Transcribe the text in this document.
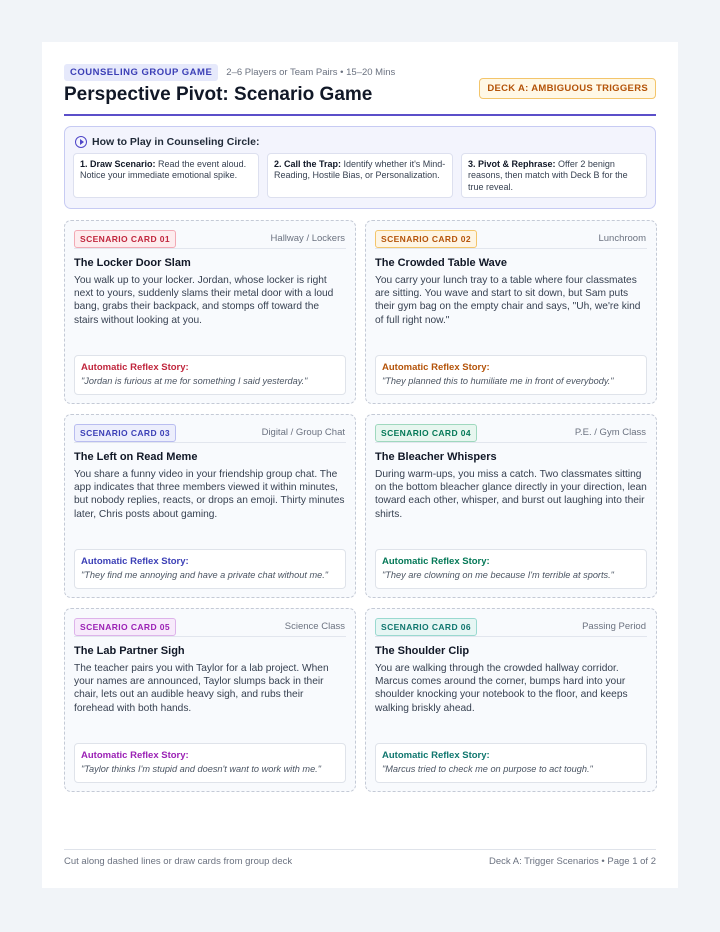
COUNSELING GROUP GAME	2–6 Players or Team Pairs • 15–20 Mins
DECK A: AMBIGUOUS TRIGGERS
Perspective Pivot: Scenario Game
How to Play in Counseling Circle:
1. Draw Scenario: Read the event aloud. Notice your immediate emotional spike.
2. Call the Trap: Identify whether it's Mind-Reading, Hostile Bias, or Personalization.
3. Pivot & Rephrase: Offer 2 benign reasons, then match with Deck B for the true reveal.
SCENARIO CARD 01	Hallway / Lockers
The Locker Door Slam
You walk up to your locker. Jordan, whose locker is right next to yours, suddenly slams their metal door with a loud bang, grabs their backpack, and stomps off toward the stairs without looking at you.
Automatic Reflex Story:
"Jordan is furious at me for something I said yesterday."
SCENARIO CARD 02	Lunchroom
The Crowded Table Wave
You carry your lunch tray to a table where four classmates are sitting. You wave and start to sit down, but Sam puts their gym bag on the empty chair and says, "Uh, we're kind of full right now."
Automatic Reflex Story:
"They planned this to humiliate me in front of everybody."
SCENARIO CARD 03	Digital / Group Chat
The Left on Read Meme
You share a funny video in your friendship group chat. The app indicates that three members viewed it within minutes, but nobody replies, reacts, or drops an emoji. Thirty minutes later, Chris posts about gaming.
Automatic Reflex Story:
"They find me annoying and have a private chat without me."
SCENARIO CARD 04	P.E. / Gym Class
The Bleacher Whispers
During warm-ups, you miss a catch. Two classmates sitting on the bottom bleacher glance directly in your direction, lean toward each other, whisper, and burst out laughing into their shirts.
Automatic Reflex Story:
"They are clowning on me because I'm terrible at sports."
SCENARIO CARD 05	Science Class
The Lab Partner Sigh
The teacher pairs you with Taylor for a lab project. When your names are announced, Taylor slumps back in their chair, lets out an audible heavy sigh, and rubs their forehead with both hands.
Automatic Reflex Story:
"Taylor thinks I'm stupid and doesn't want to work with me."
SCENARIO CARD 06	Passing Period
The Shoulder Clip
You are walking through the crowded hallway corridor. Marcus comes around the corner, bumps hard into your shoulder knocking your notebook to the floor, and keeps walking briskly ahead.
Automatic Reflex Story:
"Marcus tried to check me on purpose to act tough."
Cut along dashed lines or draw cards from group deck	Deck A: Trigger Scenarios • Page 1 of 2
